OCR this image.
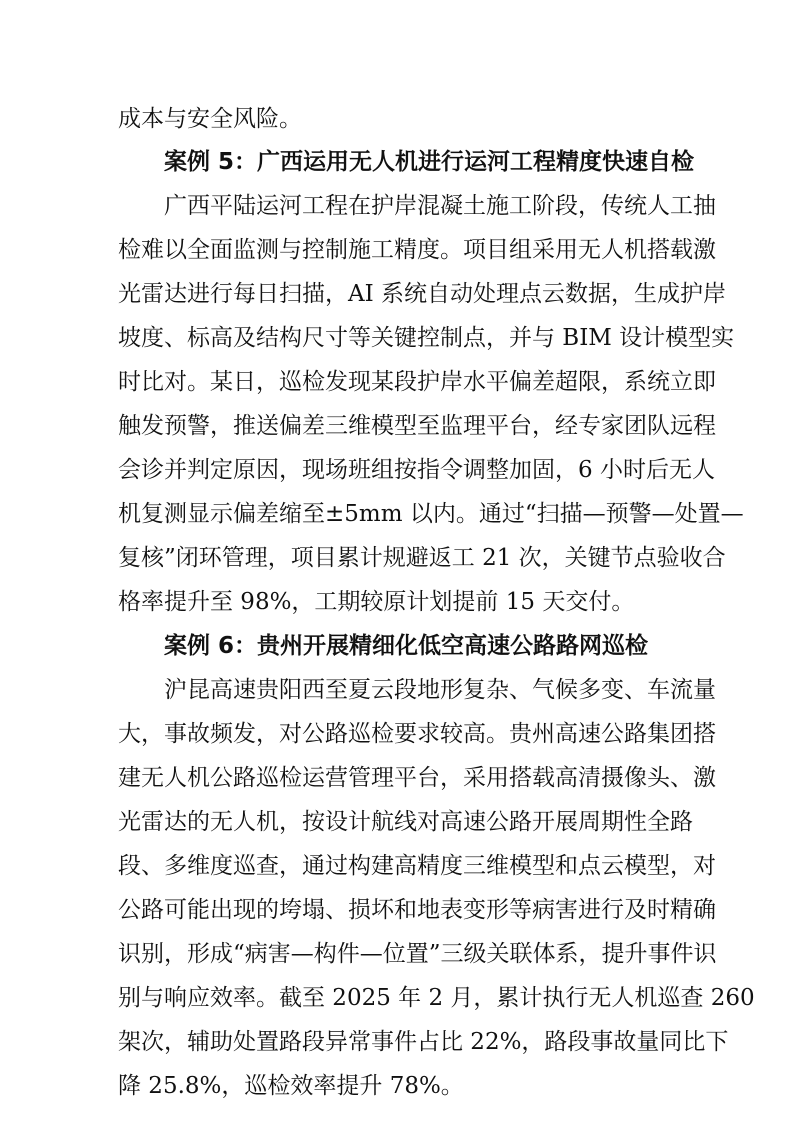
成本与安全风险。
案例 5：广西运用无人机进行运河工程精度快速自检
广西平陆运河工程在护岸混凝土施工阶段，传统人工抽
检难以全面监测与控制施工精度。项目组采用无人机搭载激
光雷达进行每日扫描，AI 系统自动处理点云数据，生成护岸
坡度、标高及结构尺寸等关键控制点，并与 BIM 设计模型实
时比对。某日，巡检发现某段护岸水平偏差超限，系统立即
触发预警，推送偏差三维模型至监理平台，经专家团队远程
会诊并判定原因，现场班组按指令调整加固，6 小时后无人
机复测显示偏差缩至±5mm 以内。通过“扫描—预警—处置—
复核”闭环管理，项目累计规避返工 21 次，关键节点验收合
格率提升至 98%，工期较原计划提前 15 天交付。
案例 6：贵州开展精细化低空高速公路路网巡检
沪昆高速贵阳西至夏云段地形复杂、气候多变、车流量
大，事故频发，对公路巡检要求较高。贵州高速公路集团搭
建无人机公路巡检运营管理平台，采用搭载高清摄像头、激
光雷达的无人机，按设计航线对高速公路开展周期性全路
段、多维度巡查，通过构建高精度三维模型和点云模型，对
公路可能出现的垮塌、损坏和地表变形等病害进行及时精确
识别，形成“病害—构件—位置”三级关联体系，提升事件识
别与响应效率。截至 2025 年 2 月，累计执行无人机巡查 260
架次，辅助处置路段异常事件占比 22%，路段事故量同比下
降 25.8%，巡检效率提升 78%。
